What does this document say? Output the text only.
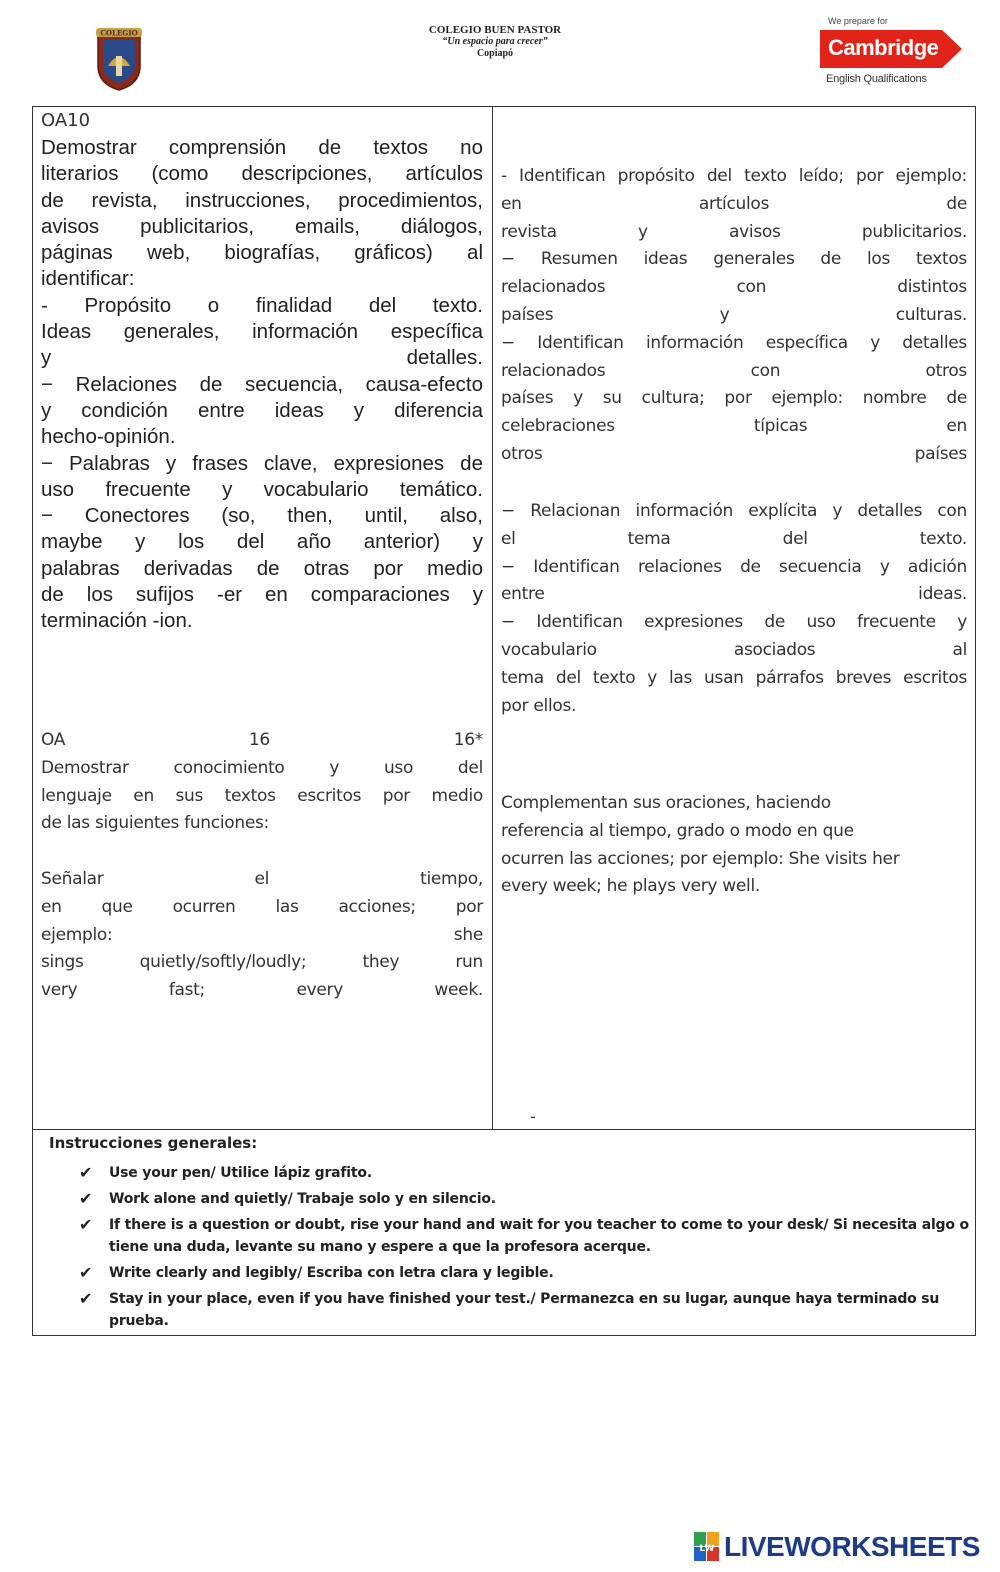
COLEGIO	COLEGIO BUEN PASTOR
“Un espacio para crecer”
Copiapó
We prepare for
Cambridge
English Qualifications
OA10
Demostrar comprensión de textos no
literarios (como descripciones, artículos
de revista, instrucciones, procedimientos,
avisos publicitarios, emails, diálogos,
páginas web, biografías, gráficos) al
identificar:
- Propósito o finalidad del texto.
Ideas generales, información específica
y detalles.
− Relaciones de secuencia, causa-efecto
y condición entre ideas y diferencia
hecho-opinión.
− Palabras y frases clave, expresiones de
uso frecuente y vocabulario temático.
− Conectores (so, then, until, also,
maybe y los del año anterior) y
palabras derivadas de otras por medio
de los sufijos -er en comparaciones y
terminación -ion.
OA 16 16*
Demostrar conocimiento y uso del
lenguaje en sus textos escritos por medio
de las siguientes funciones:
Señalar el tiempo,
en que ocurren las acciones; por
ejemplo: she
sings quietly/softly/loudly; they run
very fast; every week.
- Identifican propósito del texto leído; por ejemplo:
en artículos de
revista y avisos publicitarios.
− Resumen ideas generales de los textos
relacionados con distintos
países y culturas.
− Identifican información específica y detalles
relacionados con otros
países y su cultura; por ejemplo: nombre de
celebraciones típicas en
otros países
− Relacionan información explícita y detalles con
el tema del texto.
− Identifican relaciones de secuencia y adición
entre ideas.
− Identifican expresiones de uso frecuente y
vocabulario asociados al
tema del texto y las usan párrafos breves escritos
por ellos.
Complementan sus oraciones, haciendo
referencia al tiempo, grado o modo en que
ocurren las acciones; por ejemplo: She visits her
every week; he plays very well.
-
Instrucciones generales:
✔ Use your pen/ Utilice lápiz grafito.
✔ Work alone and quietly/ Trabaje solo y en silencio.
✔ If there is a question or doubt, rise your hand and wait for you teacher to come to your desk/ Si necesita algo o tiene una duda, levante su mano y espere a que la profesora acerque.
✔ Write clearly and legibly/ Escriba con letra clara y legible.
✔ Stay in your place, even if you have finished your test./ Permanezca en su lugar, aunque haya terminado su prueba.
LW LIVEWORKSHEETS
